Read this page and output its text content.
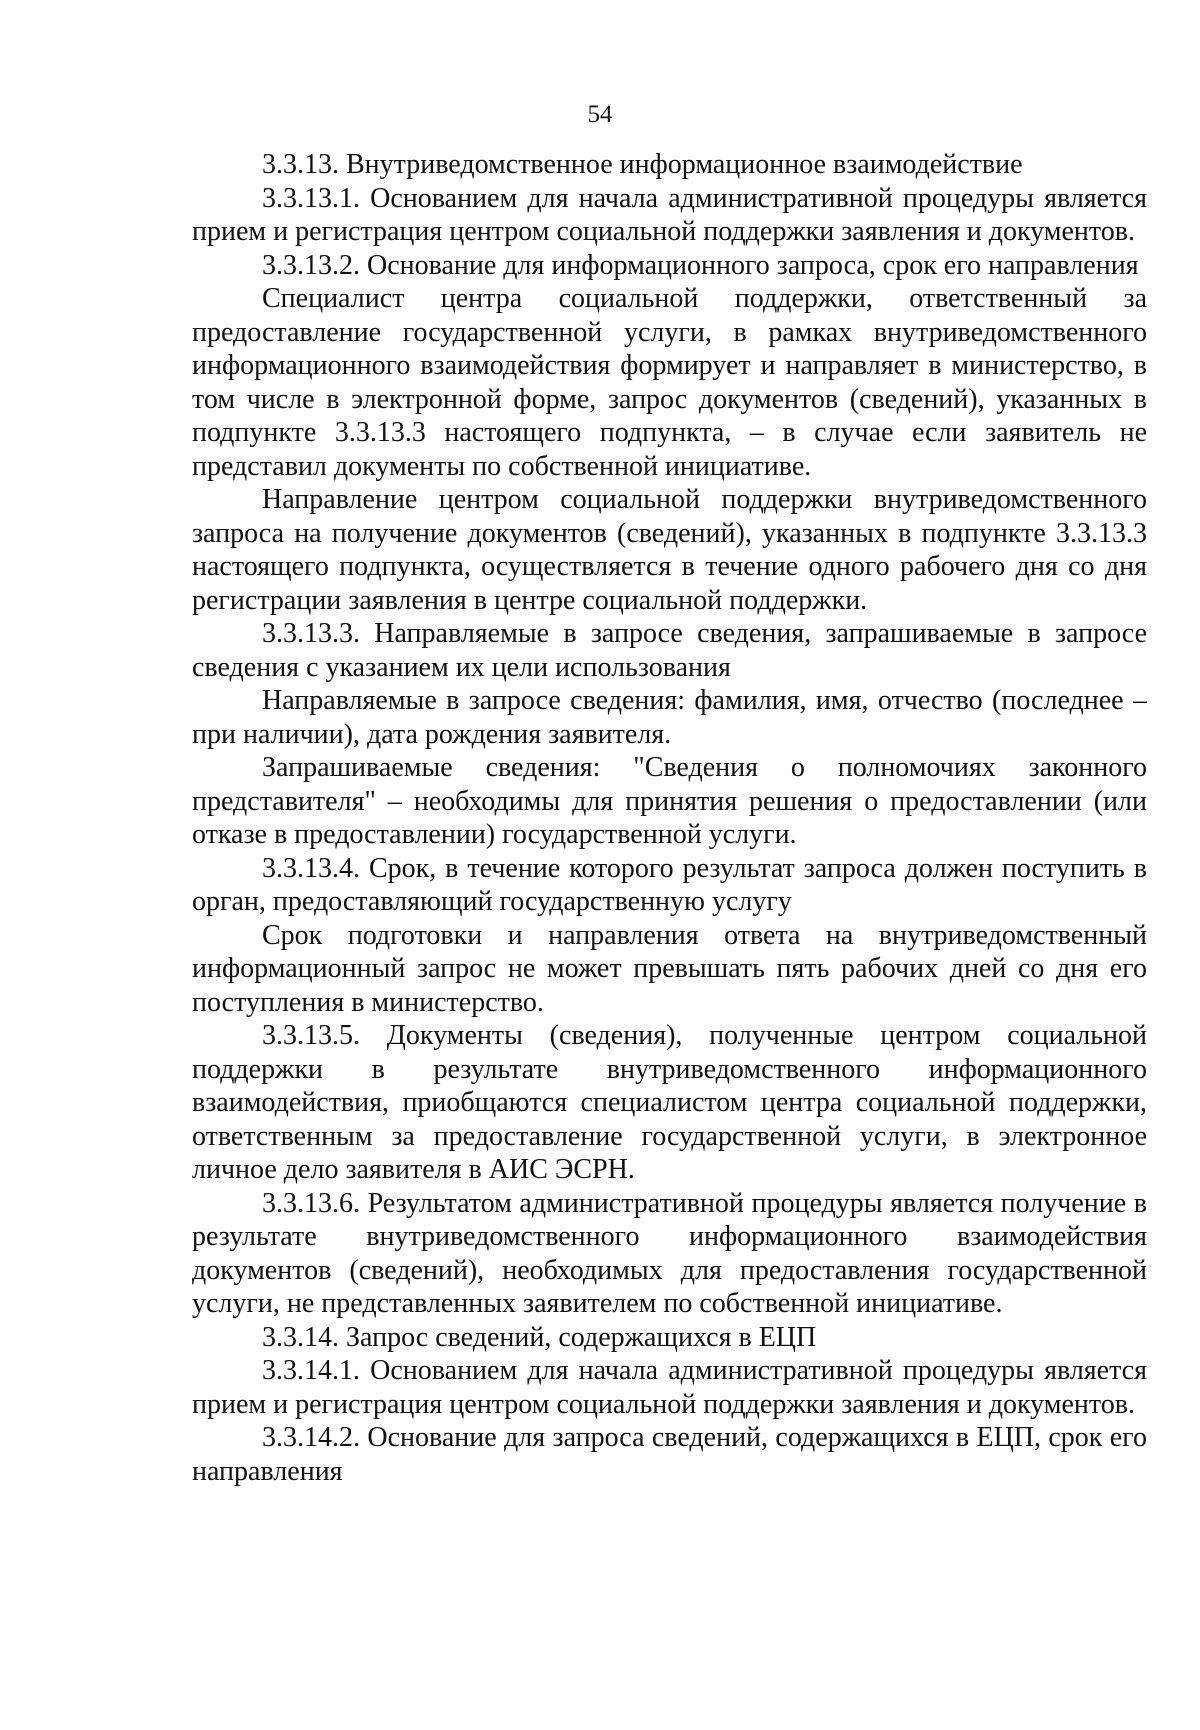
54

3.3.13. Внутриведомственное информационное взаимодействие

3.3.13.1. Основанием для начала административной процедуры является прием и регистрация центром социальной поддержки заявления и документов.

3.3.13.2. Основание для информационного запроса, срок его направления

Специалист центра социальной поддержки, ответственный за предоставление государственной услуги, в рамках внутриведомственного информационного взаимодействия формирует и направляет в министерство, в том числе в электронной форме, запрос документов (сведений), указанных в подпункте 3.3.13.3 настоящего подпункта, – в случае если заявитель не представил документы по собственной инициативе.

Направление центром социальной поддержки внутриведомственного запроса на получение документов (сведений), указанных в подпункте 3.3.13.3 настоящего подпункта, осуществляется в течение одного рабочего дня со дня регистрации заявления в центре социальной поддержки.

3.3.13.3. Направляемые в запросе сведения, запрашиваемые в запросе сведения с указанием их цели использования

Направляемые в запросе сведения: фамилия, имя, отчество (последнее – при наличии), дата рождения заявителя.

Запрашиваемые сведения: "Сведения о полномочиях законного представителя" – необходимы для принятия решения о предоставлении (или отказе в предоставлении) государственной услуги.

3.3.13.4. Срок, в течение которого результат запроса должен поступить в орган, предоставляющий государственную услугу

Срок подготовки и направления ответа на внутриведомственный информационный запрос не может превышать пять рабочих дней со дня его поступления в министерство.

3.3.13.5. Документы (сведения), полученные центром социальной поддержки в результате внутриведомственного информационного взаимодействия, приобщаются специалистом центра социальной поддержки, ответственным за предоставление государственной услуги, в электронное личное дело заявителя в АИС ЭСРН.

3.3.13.6. Результатом административной процедуры является получение в результате внутриведомственного информационного взаимодействия документов (сведений), необходимых для предоставления государственной услуги, не представленных заявителем по собственной инициативе.

3.3.14. Запрос сведений, содержащихся в ЕЦП

3.3.14.1. Основанием для начала административной процедуры является прием и регистрация центром социальной поддержки заявления и документов.

3.3.14.2. Основание для запроса сведений, содержащихся в ЕЦП, срок его направления
